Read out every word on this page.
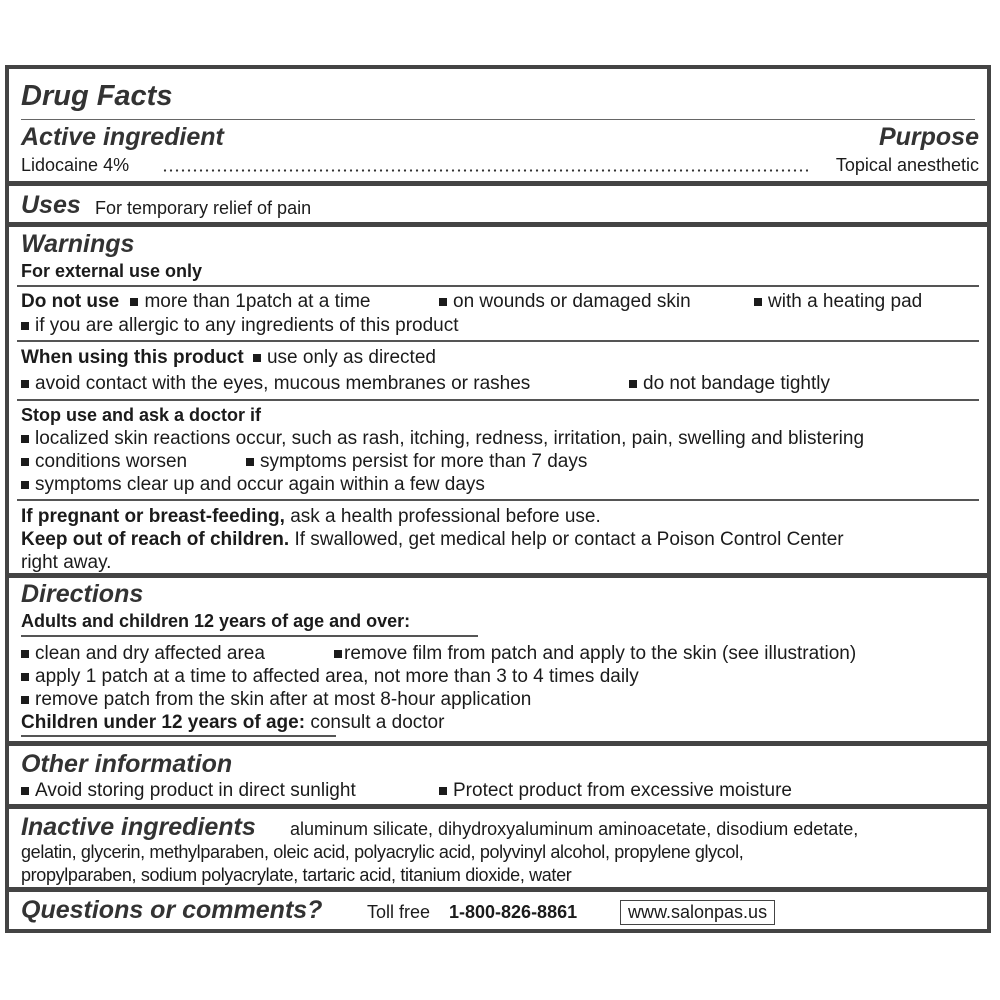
Drug Facts
Active ingredient	Purpose
Lidocaine 4%	Topical anesthetic
Uses For temporary relief of pain
Warnings
For external use only
Do not use more than 1patch at a time	on wounds or damaged skin	with a heating pad
if you are allergic to any ingredients of this product
When using this product use only as directed
avoid contact with the eyes, mucous membranes or rashes	do not bandage tightly
Stop use and ask a doctor if
localized skin reactions occur, such as rash, itching, redness, irritation, pain, swelling and blistering
conditions worsen	symptoms persist for more than 7 days
symptoms clear up and occur again within a few days
If pregnant or breast-feeding, ask a health professional before use.
Keep out of reach of children. If swallowed, get medical help or contact a Poison Control Center
right away.
Directions
Adults and children 12 years of age and over:
clean and dry affected area	remove film from patch and apply to the skin (see illustration)
apply 1 patch at a time to affected area, not more than 3 to 4 times daily
remove patch from the skin after at most 8-hour application
Children under 12 years of age: consult a doctor
Other information
Avoid storing product in direct sunlight	Protect product from excessive moisture
Inactive ingredients aluminum silicate, dihydroxyaluminum aminoacetate, disodium edetate,
gelatin, glycerin, methylparaben, oleic acid, polyacrylic acid, polyvinyl alcohol, propylene glycol,
propylparaben, sodium polyacrylate, tartaric acid, titanium dioxide, water
Questions or comments? Toll free 1-800-826-8861	www.salonpas.us
